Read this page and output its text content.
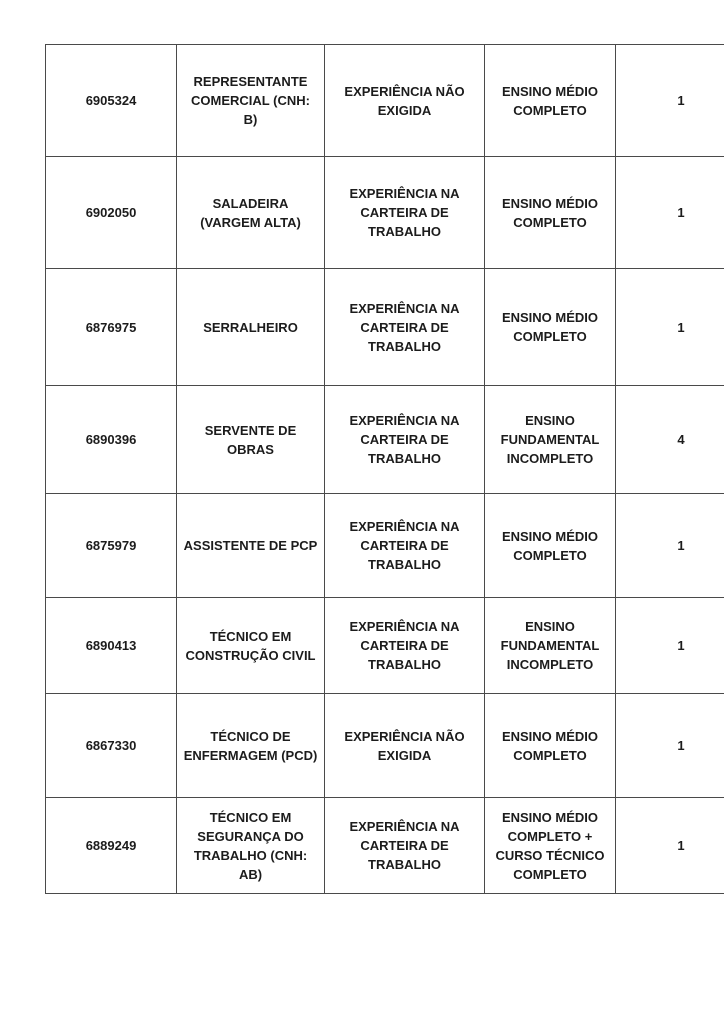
6905324	REPRESENTANTE COMERCIAL (CNH: B)	EXPERIÊNCIA NÃO EXIGIDA	ENSINO MÉDIO COMPLETO	1
6902050	SALADEIRA (VARGEM ALTA)	EXPERIÊNCIA NA CARTEIRA DE TRABALHO	ENSINO MÉDIO COMPLETO	1
6876975	SERRALHEIRO	EXPERIÊNCIA NA CARTEIRA DE TRABALHO	ENSINO MÉDIO COMPLETO	1
6890396	SERVENTE DE OBRAS	EXPERIÊNCIA NA CARTEIRA DE TRABALHO	ENSINO FUNDAMENTAL INCOMPLETO	4
6875979	ASSISTENTE DE PCP	EXPERIÊNCIA NA CARTEIRA DE TRABALHO	ENSINO MÉDIO COMPLETO	1
6890413	TÉCNICO EM CONSTRUÇÃO CIVIL	EXPERIÊNCIA NA CARTEIRA DE TRABALHO	ENSINO FUNDAMENTAL INCOMPLETO	1
6867330	TÉCNICO DE ENFERMAGEM (PCD)	EXPERIÊNCIA NÃO EXIGIDA	ENSINO MÉDIO COMPLETO	1
6889249	TÉCNICO EM SEGURANÇA DO TRABALHO (CNH: AB)	EXPERIÊNCIA NA CARTEIRA DE TRABALHO	ENSINO MÉDIO COMPLETO + CURSO TÉCNICO COMPLETO	1
